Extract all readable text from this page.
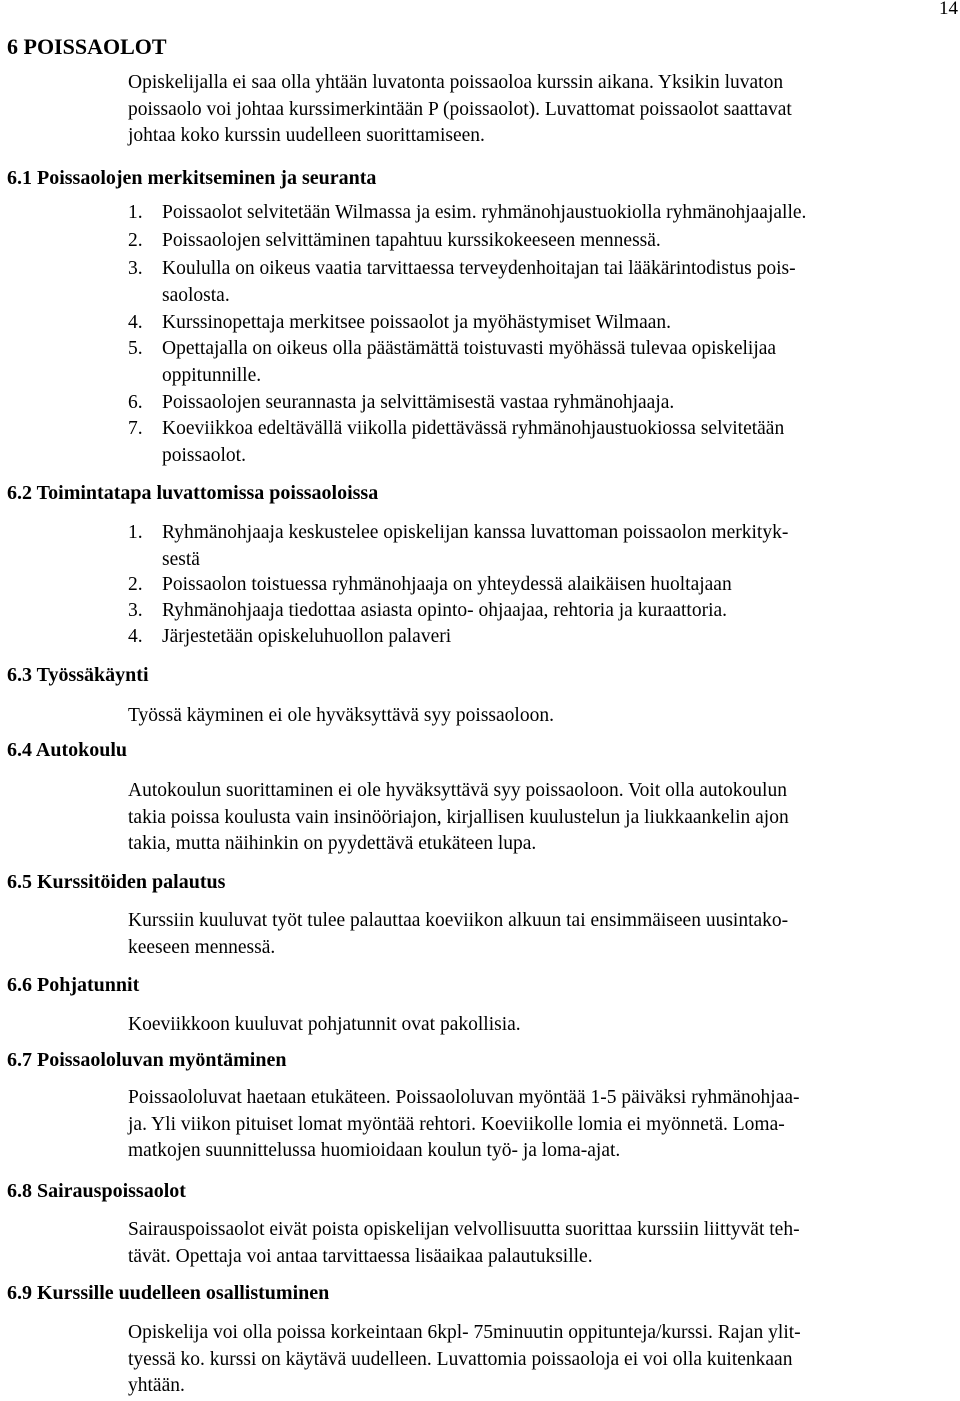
14
6 POISSAOLOT
Opiskelijalla ei saa olla yhtään luvatonta poissaoloa kurssin aikana. Yksikin luvaton
poissaolo voi johtaa kurssimerkintään P (poissaolot). Luvattomat poissaolot saattavat
johtaa koko kurssin uudelleen suorittamiseen.
6.1 Poissaolojen merkitseminen ja seuranta
1. Poissaolot selvitetään Wilmassa ja esim. ryhmänohjaustuokiolla ryhmänohjaajalle.
2. Poissaolojen selvittäminen tapahtuu kurssikokeeseen mennessä.
3. Koululla on oikeus vaatia tarvittaessa terveydenhoitajan tai lääkärintodistus pois-
saolosta.
4. Kurssinopettaja merkitsee poissaolot ja myöhästymiset Wilmaan.
5. Opettajalla on oikeus olla päästämättä toistuvasti myöhässä tulevaa opiskelijaa
oppitunnille.
6. Poissaolojen seurannasta ja selvittämisestä vastaa ryhmänohjaaja.
7. Koeviikkoa edeltävällä viikolla pidettävässä ryhmänohjaustuokiossa selvitetään
poissaolot.
6.2 Toimintatapa luvattomissa poissaoloissa
1. Ryhmänohjaaja keskustelee opiskelijan kanssa luvattoman poissaolon merkityk-
sestä
2. Poissaolon toistuessa ryhmänohjaaja on yhteydessä alaikäisen huoltajaan
3. Ryhmänohjaaja tiedottaa asiasta opinto- ohjaajaa, rehtoria ja kuraattoria.
4. Järjestetään opiskeluhuollon palaveri
6.3 Työssäkäynti
Työssä käyminen ei ole hyväksyttävä syy poissaoloon.
6.4 Autokoulu
Autokoulun suorittaminen ei ole hyväksyttävä syy poissaoloon. Voit olla autokoulun
takia poissa koulusta vain insinööriajon, kirjallisen kuulustelun ja liukkaankelin ajon
takia, mutta näihinkin on pyydettävä etukäteen lupa.
6.5 Kurssitöiden palautus
Kurssiin kuuluvat työt tulee palauttaa koeviikon alkuun tai ensimmäiseen uusintako-
keeseen mennessä.
6.6 Pohjatunnit
Koeviikkoon kuuluvat pohjatunnit ovat pakollisia.
6.7 Poissaololuvan myöntäminen
Poissaololuvat haetaan etukäteen. Poissaololuvan myöntää 1-5 päiväksi ryhmänohjaa-
ja. Yli viikon pituiset lomat myöntää rehtori. Koeviikolle lomia ei myönnetä. Loma-
matkojen suunnittelussa huomioidaan koulun työ- ja loma-ajat.
6.8 Sairauspoissaolot
Sairauspoissaolot eivät poista opiskelijan velvollisuutta suorittaa kurssiin liittyvät teh-
tävät. Opettaja voi antaa tarvittaessa lisäaikaa palautuksille.
6.9 Kurssille uudelleen osallistuminen
Opiskelija voi olla poissa korkeintaan 6kpl- 75minuutin oppitunteja/kurssi. Rajan ylit-
tyessä ko. kurssi on käytävä uudelleen. Luvattomia poissaoloja ei voi olla kuitenkaan
yhtään.
